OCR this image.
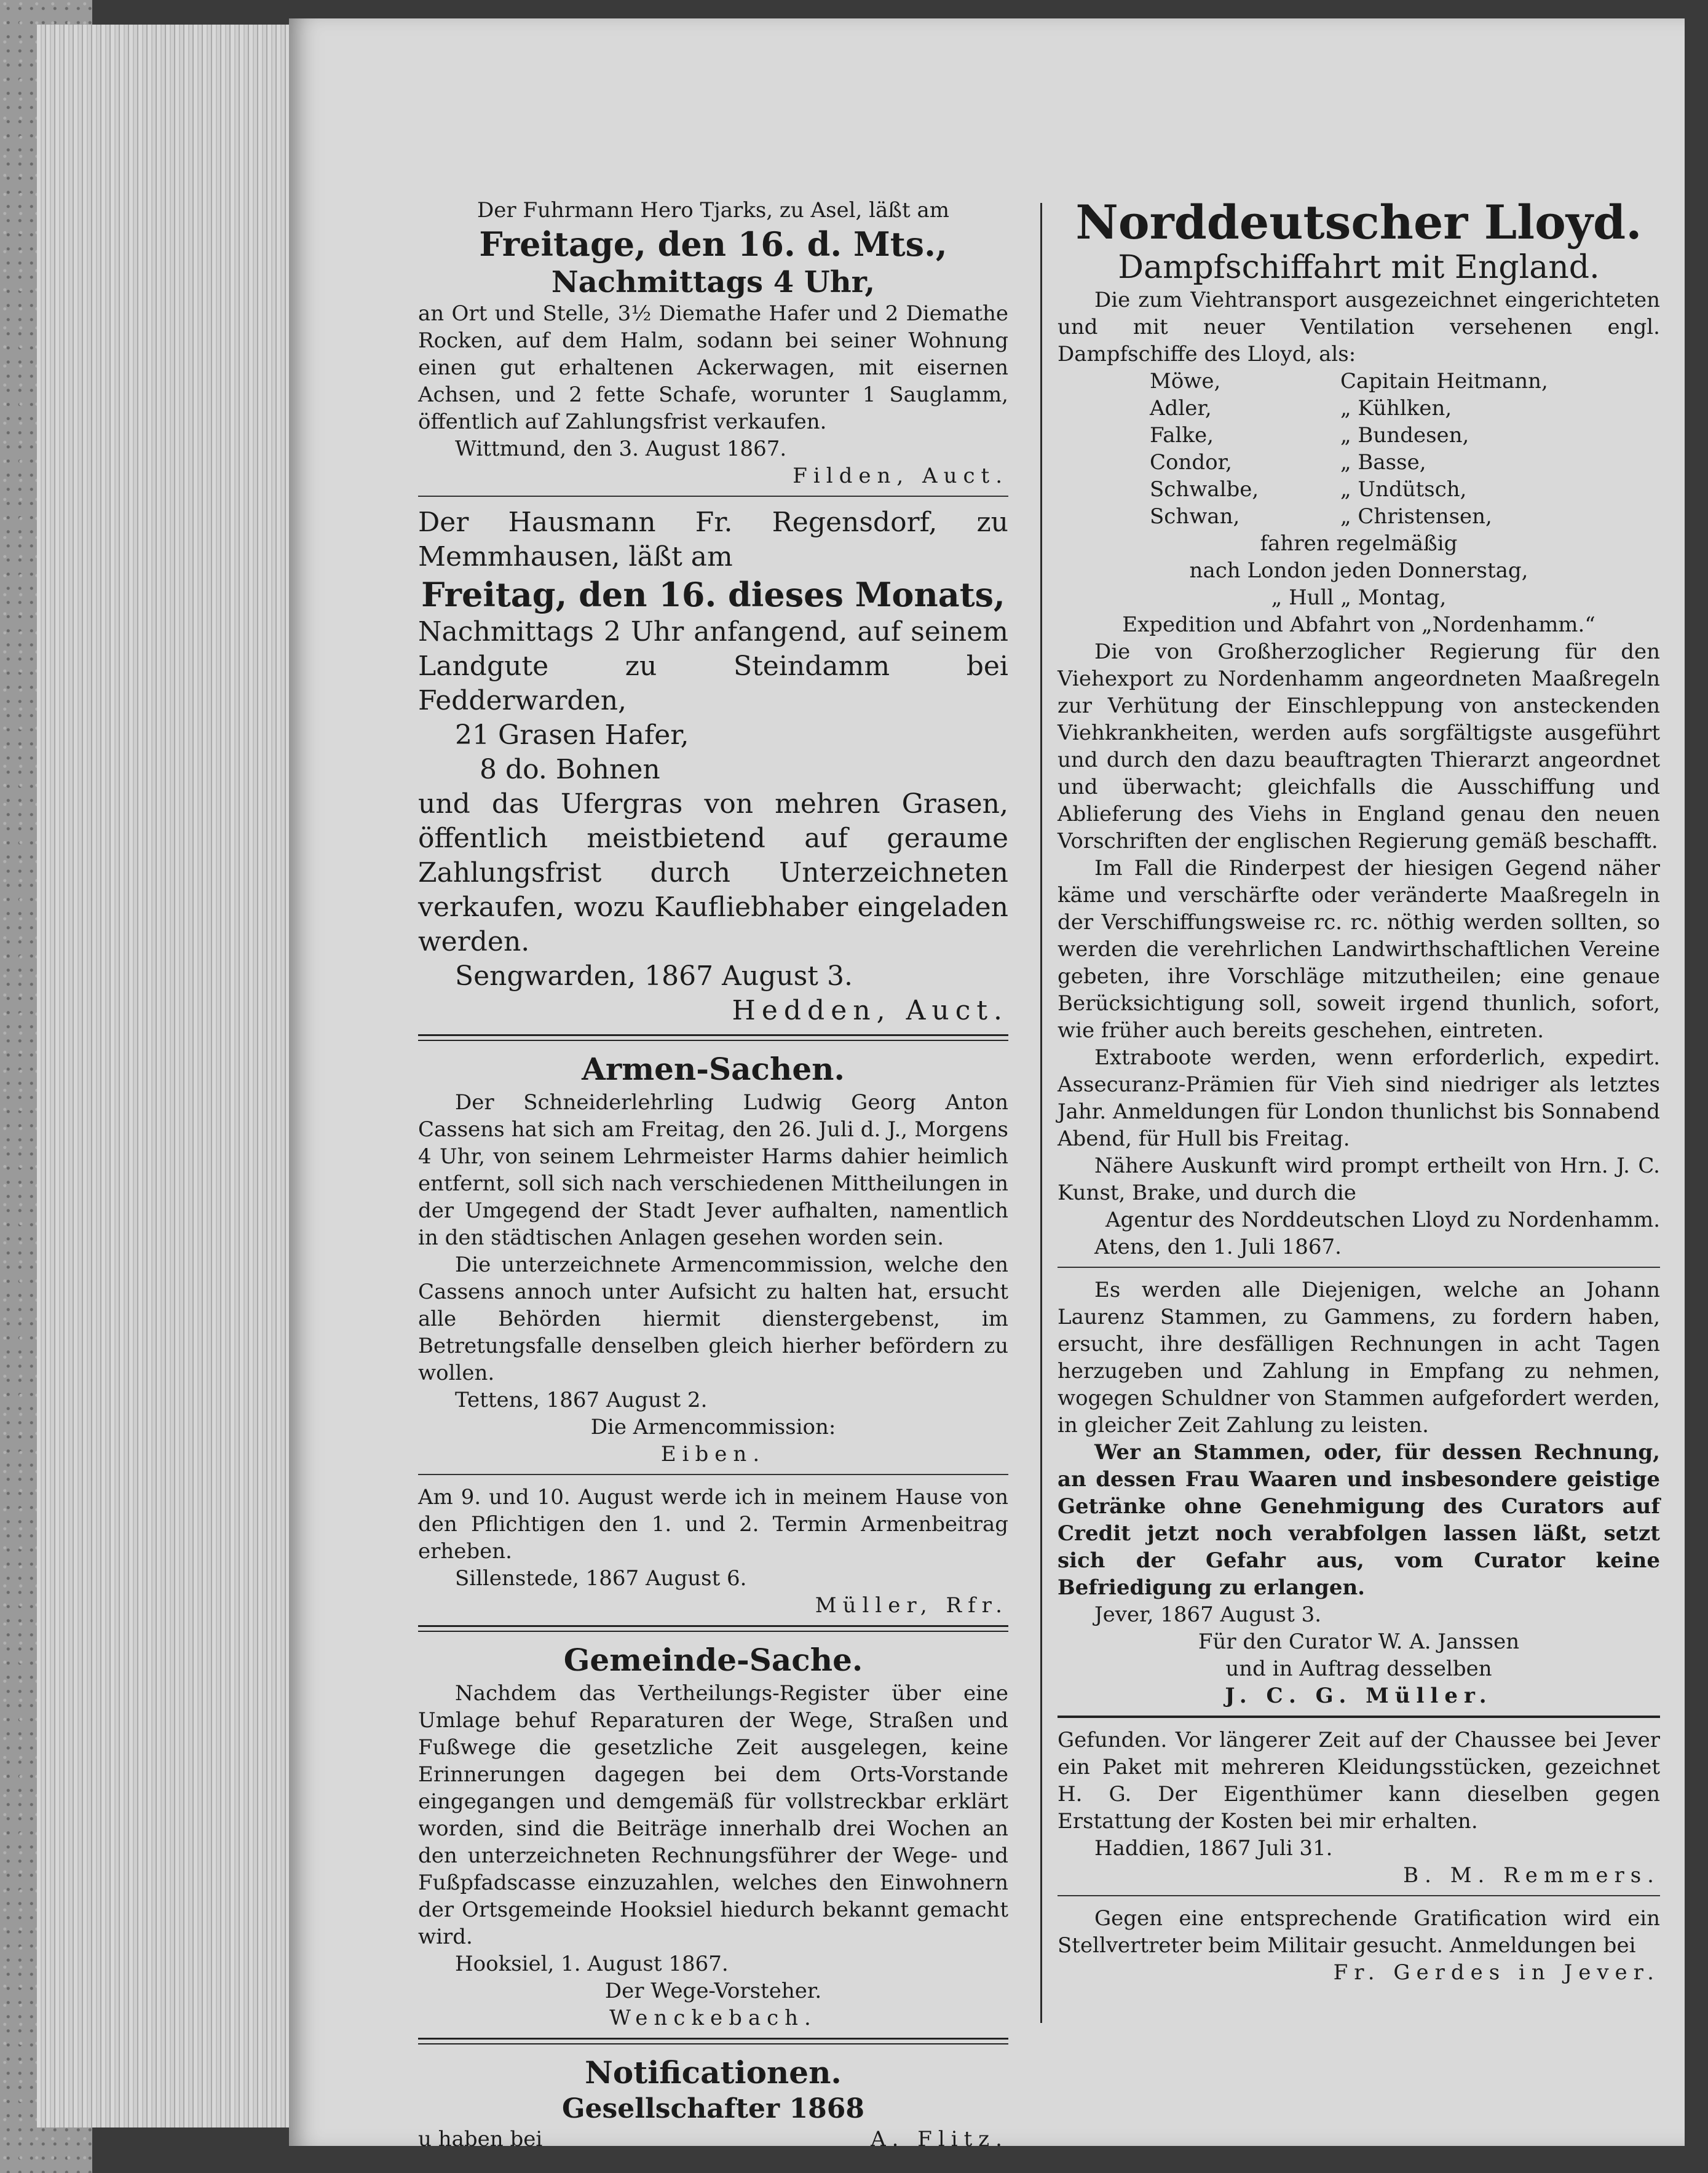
Der Fuhrmann Hero Tjarks, zu Asel, läßt am

Freitage, den 16. d. Mts.,

Nachmittags 4 Uhr,

an Ort und Stelle, 3½ Diemathe Hafer und 2 Diemathe Rocken, auf dem Halm, sodann bei seiner Wohnung einen gut erhaltenen Ackerwagen, mit eisernen Achsen, und 2 fette Schafe, worunter 1 Sauglamm, öffentlich auf Zahlungsfrist verkaufen.

Wittmund, den 3. August 1867.

Filden, Auct.

Der Hausmann Fr. Regensdorf, zu Memmhausen, läßt am

Freitag, den 16. dieses Monats,

Nachmittags 2 Uhr anfangend, auf seinem Landgute zu Steindamm bei Fedderwarden,

21 Grasen Hafer,

8 do. Bohnen

und das Ufergras von mehren Grasen, öffentlich meistbietend auf geraume Zahlungsfrist durch Unterzeichneten verkaufen, wozu Kaufliebhaber eingeladen werden.

Sengwarden, 1867 August 3.

Hedden, Auct.

Armen-Sachen.

Der Schneiderlehrling Ludwig Georg Anton Cassens hat sich am Freitag, den 26. Juli d. J., Morgens 4 Uhr, von seinem Lehrmeister Harms dahier heimlich entfernt, soll sich nach verschiedenen Mittheilungen in der Umgegend der Stadt Jever aufhalten, namentlich in den städtischen Anlagen gesehen worden sein.

Die unterzeichnete Armencommission, welche den Cassens annoch unter Aufsicht zu halten hat, ersucht alle Behörden hiermit dienstergebenst, im Betretungsfalle denselben gleich hierher befördern zu wollen.

Tettens, 1867 August 2.

Die Armencommission:

Eiben.

Am 9. und 10. August werde ich in meinem Hause von den Pflichtigen den 1. und 2. Termin Armenbeitrag erheben.

Sillenstede, 1867 August 6.

Müller, Rfr.

Gemeinde-Sache.

Nachdem das Vertheilungs-Register über eine Umlage behuf Reparaturen der Wege, Straßen und Fußwege die gesetzliche Zeit ausgelegen, keine Erinnerungen dagegen bei dem Orts-Vorstande eingegangen und demgemäß für vollstreckbar erklärt worden, sind die Beiträge innerhalb drei Wochen an den unterzeichneten Rechnungsführer der Wege- und Fußpfadscasse einzuzahlen, welches den Einwohnern der Ortsgemeinde Hooksiel hiedurch bekannt gemacht wird.

Hooksiel, 1. August 1867.

Der Wege-Vorsteher.

Wenckebach.

Notificationen.

Gesellschafter 1868

u haben bei	A. Flitz.

Norddeutscher Lloyd.

Dampfschiffahrt mit England.

Die zum Viehtransport ausgezeichnet eingerichteten und mit neuer Ventilation versehenen engl. Dampfschiffe des Lloyd, als:

Möwe,	Capitain Heitmann,
Adler,	„ Kühlken,
Falke,	„ Bundesen,
Condor,	„ Basse,
Schwalbe,	„ Undütsch,
Schwan,	„ Christensen,

fahren regelmäßig

nach London jeden Donnerstag,

„ Hull „ Montag,

Expedition und Abfahrt von „Nordenhamm.“

Die von Großherzoglicher Regierung für den Viehexport zu Nordenhamm angeordneten Maaßregeln zur Verhütung der Einschleppung von ansteckenden Viehkrankheiten, werden aufs sorgfältigste ausgeführt und durch den dazu beauftragten Thierarzt angeordnet und überwacht; gleichfalls die Ausschiffung und Ablieferung des Viehs in England genau den neuen Vorschriften der englischen Regierung gemäß beschafft.

Im Fall die Rinderpest der hiesigen Gegend näher käme und verschärfte oder veränderte Maaßregeln in der Verschiffungsweise rc. rc. nöthig werden sollten, so werden die verehrlichen Landwirthschaftlichen Vereine gebeten, ihre Vorschläge mitzutheilen; eine genaue Berücksichtigung soll, soweit irgend thunlich, sofort, wie früher auch bereits geschehen, eintreten.

Extraboote werden, wenn erforderlich, expedirt. Assecuranz-Prämien für Vieh sind niedriger als letztes Jahr. Anmeldungen für London thunlichst bis Sonnabend Abend, für Hull bis Freitag.

Nähere Auskunft wird prompt ertheilt von Hrn. J. C. Kunst, Brake, und durch die

Agentur des Norddeutschen Lloyd zu Nordenhamm.

Atens, den 1. Juli 1867.

Es werden alle Diejenigen, welche an Johann Laurenz Stammen, zu Gammens, zu fordern haben, ersucht, ihre desfälligen Rechnungen in acht Tagen herzugeben und Zahlung in Empfang zu nehmen, wogegen Schuldner von Stammen aufgefordert werden, in gleicher Zeit Zahlung zu leisten.

Wer an Stammen, oder, für dessen Rechnung, an dessen Frau Waaren und insbesondere geistige Getränke ohne Genehmigung des Curators auf Credit jetzt noch verabfolgen lassen läßt, setzt sich der Gefahr aus, vom Curator keine Befriedigung zu erlangen.

Jever, 1867 August 3.

Für den Curator W. A. Janssen

und in Auftrag desselben

J. C. G. Müller.

Gefunden. Vor längerer Zeit auf der Chaussee bei Jever ein Paket mit mehreren Kleidungsstücken, gezeichnet H. G. Der Eigenthümer kann dieselben gegen Erstattung der Kosten bei mir erhalten.

Haddien, 1867 Juli 31.

B. M. Remmers.

Gegen eine entsprechende Gratification wird ein Stellvertreter beim Militair gesucht. Anmeldungen bei

Fr. Gerdes in Jever.
